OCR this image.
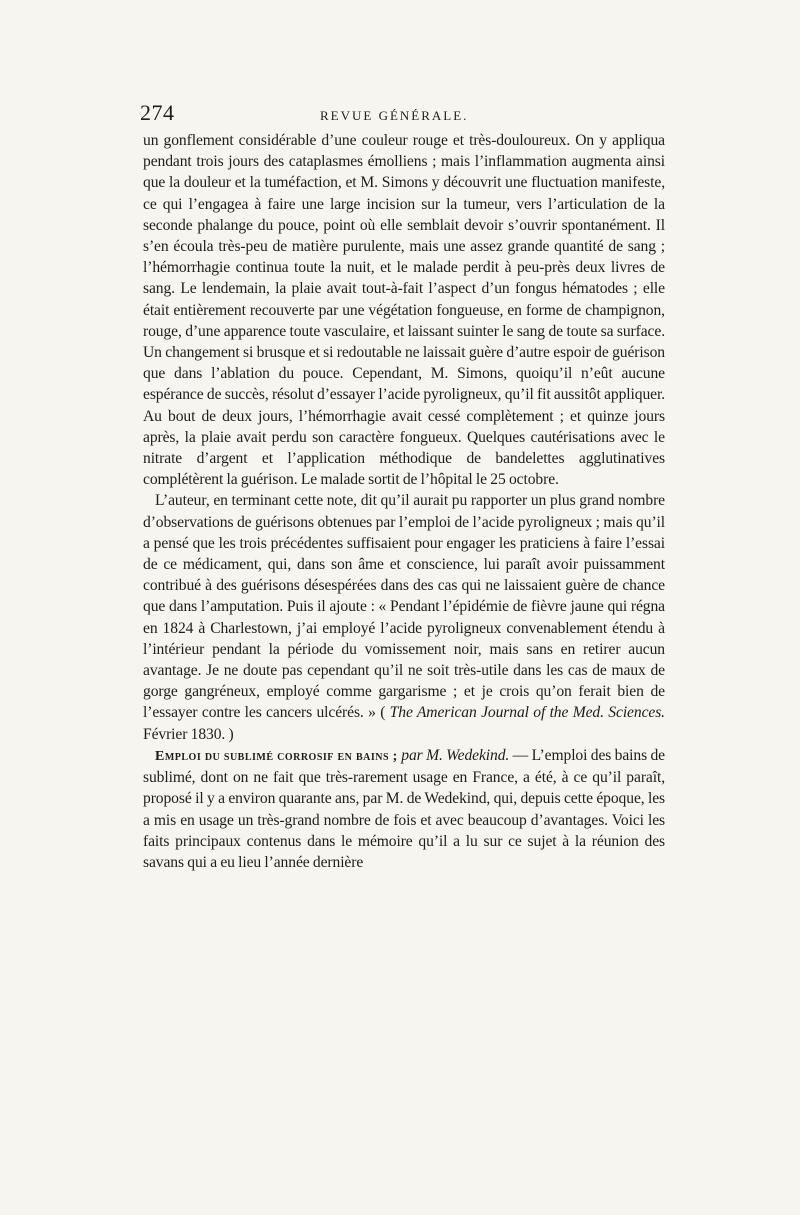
274	REVUE GÉNÉRALE.

un gonflement considérable d’une couleur rouge et très-douloureux. On y appliqua pendant trois jours des cataplasmes émolliens ; mais l’inflammation augmenta ainsi que la douleur et la tuméfaction, et M. Simons y découvrit une fluctuation manifeste, ce qui l’engagea à faire une large incision sur la tumeur, vers l’articulation de la seconde phalange du pouce, point où elle semblait devoir s’ouvrir spontanément. Il s’en écoula très-peu de matière purulente, mais une assez grande quantité de sang ; l’hémorrhagie continua toute la nuit, et le malade perdit à peu-près deux livres de sang. Le lendemain, la plaie avait tout-à-fait l’aspect d’un fongus hématodes ; elle était entièrement recouverte par une végétation fongueuse, en forme de champignon, rouge, d’une apparence toute vasculaire, et laissant suinter le sang de toute sa surface. Un changement si brusque et si redoutable ne laissait guère d’autre espoir de guérison que dans l’ablation du pouce. Cependant, M. Simons, quoiqu’il n’eût aucune espérance de succès, résolut d’essayer l’acide pyroligneux, qu’il fit aussitôt appliquer. Au bout de deux jours, l’hémorrhagie avait cessé complètement ; et quinze jours après, la plaie avait perdu son caractère fongueux. Quelques cautérisations avec le nitrate d’argent et l’application méthodique de bandelettes agglutinatives complétèrent la guérison. Le malade sortit de l’hôpital le 25 octobre.

L’auteur, en terminant cette note, dit qu’il aurait pu rapporter un plus grand nombre d’observations de guérisons obtenues par l’emploi de l’acide pyroligneux ; mais qu’il a pensé que les trois précédentes suffisaient pour engager les praticiens à faire l’essai de ce médicament, qui, dans son âme et conscience, lui paraît avoir puissamment contribué à des guérisons désespérées dans des cas qui ne laissaient guère de chance que dans l’amputation. Puis il ajoute : « Pendant l’épidémie de fièvre jaune qui régna en 1824 à Charlestown, j’ai employé l’acide pyroligneux convenablement étendu à l’intérieur pendant la période du vomissement noir, mais sans en retirer aucun avantage. Je ne doute pas cependant qu’il ne soit très-utile dans les cas de maux de gorge gangréneux, employé comme gargarisme ; et je crois qu’on ferait bien de l’essayer contre les cancers ulcérés. » ( The American Journal of the Med. Sciences. Février 1830. )

Emploi du sublimé corrosif en bains ; par M. Wedekind. — L’emploi des bains de sublimé, dont on ne fait que très-rarement usage en France, a été, à ce qu’il paraît, proposé il y a environ quarante ans, par M. de Wedekind, qui, depuis cette époque, les a mis en usage un très-grand nombre de fois et avec beaucoup d’avantages. Voici les faits principaux contenus dans le mémoire qu’il a lu sur ce sujet à la réunion des savans qui a eu lieu l’année dernière
